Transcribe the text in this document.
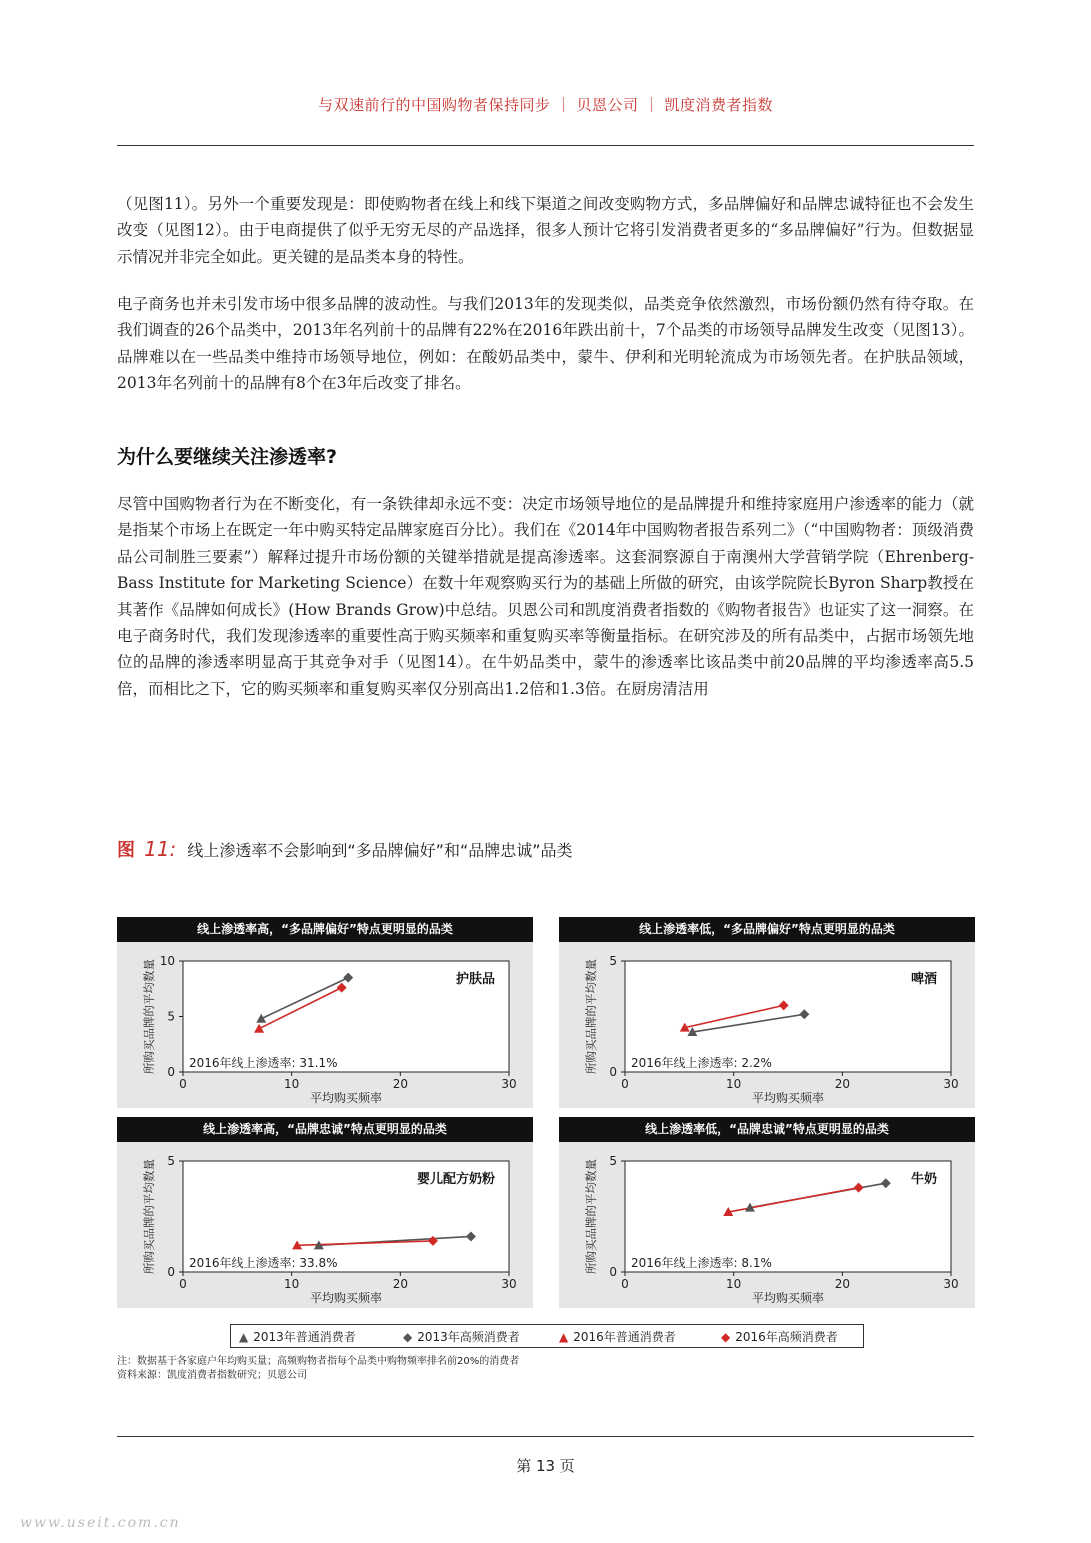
与双速前行的中国购物者保持同步 ｜ 贝恩公司 ｜ 凯度消费者指数

（见图11）。另外一个重要发现是：即使购物者在线上和线下渠道之间改变购物方式，多品牌偏好和品牌忠诚特征也不会发生改变（见图12）。由于电商提供了似乎无穷无尽的产品选择，很多人预计它将引发消费者更多的“多品牌偏好”行为。但数据显示情况并非完全如此。更关键的是品类本身的特性。

电子商务也并未引发市场中很多品牌的波动性。与我们2013年的发现类似，品类竞争依然激烈，市场份额仍然有待夺取。在我们调查的26个品类中，2013年名列前十的品牌有22%在2016年跌出前十，7个品类的市场领导品牌发生改变（见图13）。品牌难以在一些品类中维持市场领导地位，例如：在酸奶品类中，蒙牛、伊利和光明轮流成为市场领先者。在护肤品领域，2013年名列前十的品牌有8个在3年后改变了排名。

为什么要继续关注渗透率?

尽管中国购物者行为在不断变化，有一条铁律却永远不变：决定市场领导地位的是品牌提升和维持家庭用户渗透率的能力（就是指某个市场上在既定一年中购买特定品牌家庭百分比）。我们在《2014年中国购物者报告系列二》（“中国购物者：顶级消费品公司制胜三要素”）解释过提升市场份额的关键举措就是提高渗透率。这套洞察源自于南澳州大学营销学院（Ehrenberg-Bass Institute for Marketing Science）在数十年观察购买行为的基础上所做的研究，由该学院院长Byron Sharp教授在其著作《品牌如何成长》(How Brands Grow)中总结。贝恩公司和凯度消费者指数的《购物者报告》也证实了这一洞察。在电子商务时代，我们发现渗透率的重要性高于购买频率和重复购买率等衡量指标。在研究涉及的所有品类中，占据市场领先地位的品牌的渗透率明显高于其竞争对手（见图14）。在牛奶品类中，蒙牛的渗透率比该品类中前20品牌的平均渗透率高5.5倍，而相比之下，它的购买频率和重复购买率仅分别高出1.2倍和1.3倍。在厨房清洁用

图 11: 线上渗透率不会影响到“多品牌偏好”和“品牌忠诚”品类
线上渗透率高，“多品牌偏好”特点更明显的品类
0	10	20	30
0
5
10
平均购买频率
所购买品牌的平均数量	护肤品
2016年线上渗透率: 31.1%
线上渗透率低，“多品牌偏好”特点更明显的品类
0	10	20	30
0
5
平均购买频率
所购买品牌的平均数量	啤酒
2016年线上渗透率: 2.2%
线上渗透率高，“品牌忠诚”特点更明显的品类
0	10	20	30
0
5
平均购买频率
所购买品牌的平均数量	婴儿配方奶粉
2016年线上渗透率: 33.8%
线上渗透率低，“品牌忠诚”特点更明显的品类
0	10	20	30
0
5
平均购买频率
所购买品牌的平均数量	牛奶
2016年线上渗透率: 8.1%
▲ 2013年普通消费者	◆ 2013年高频消费者	▲ 2016年普通消费者	◆ 2016年高频消费者
注：数据基于各家庭户年均购买量；高频购物者指每个品类中购物频率排名前20%的消费者
资料来源：凯度消费者指数研究；贝恩公司
第 13 页
www.useit.com.cn
